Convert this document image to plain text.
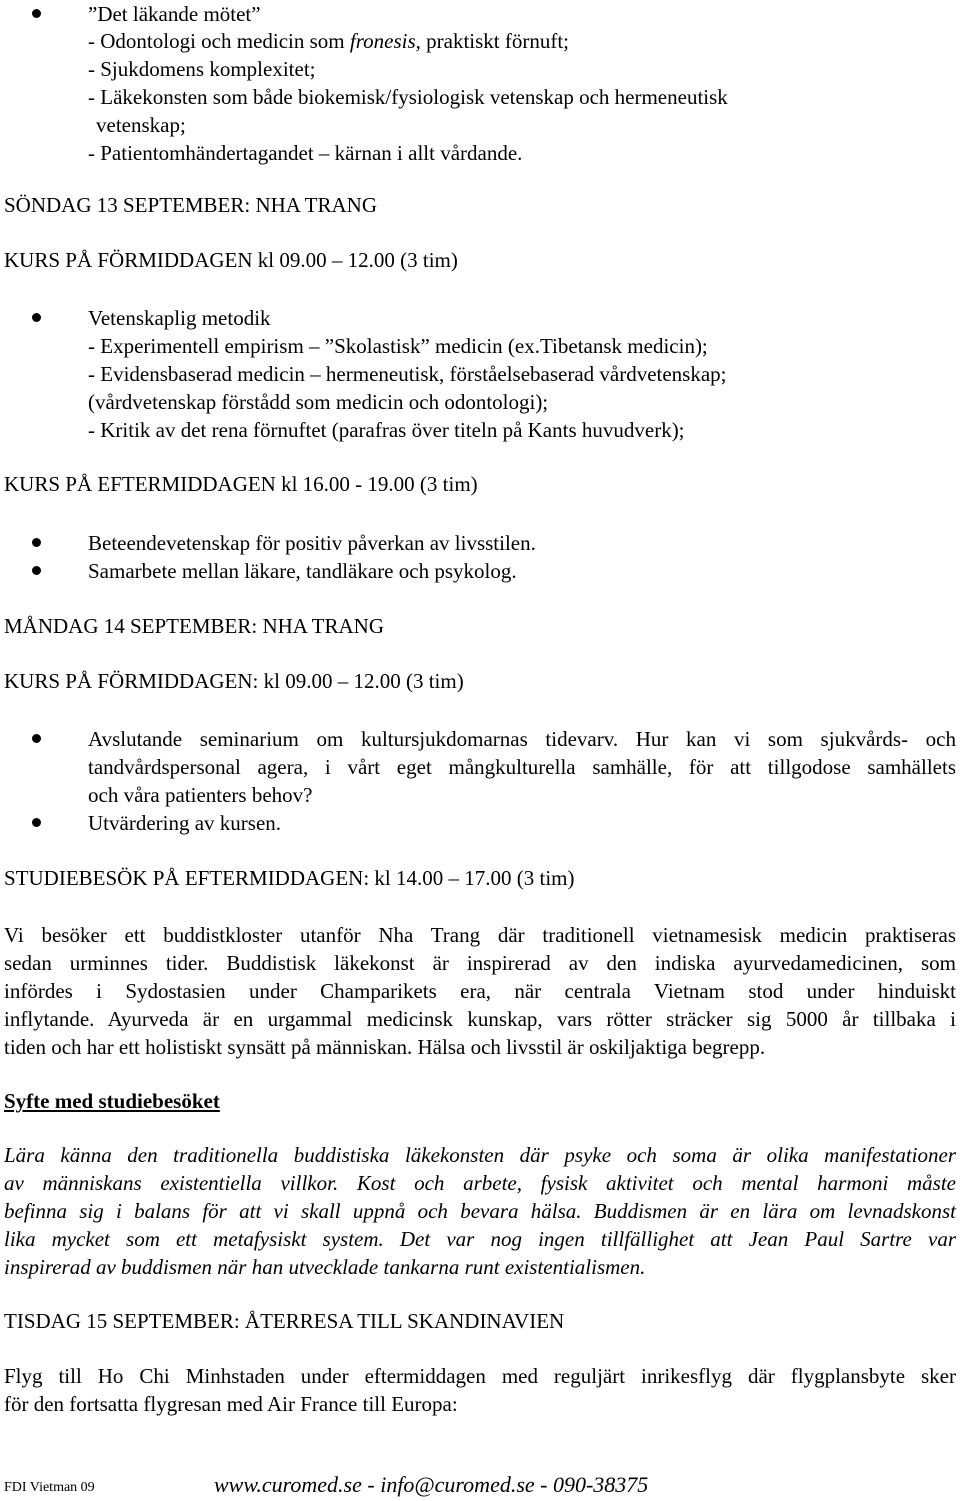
”Det läkande mötet”

- Odontologi och medicin som fronesis, praktiskt förnuft;

- Sjukdomens komplexitet;

- Läkekonsten som både biokemisk/fysiologisk vetenskap och hermeneutisk

vetenskap;

- Patientomhändertagandet – kärnan i allt vårdande.

SÖNDAG 13 SEPTEMBER: NHA TRANG

KURS PÅ FÖRMIDDAGEN kl 09.00 – 12.00 (3 tim)

Vetenskaplig metodik

- Experimentell empirism – ”Skolastisk” medicin (ex.Tibetansk medicin);

- Evidensbaserad medicin – hermeneutisk, förståelsebaserad vårdvetenskap;

(vårdvetenskap förstådd som medicin och odontologi);

- Kritik av det rena förnuftet (parafras över titeln på Kants huvudverk);

KURS PÅ EFTERMIDDAGEN kl 16.00 - 19.00 (3 tim)

Beteendevetenskap för positiv påverkan av livsstilen.

Samarbete mellan läkare, tandläkare och psykolog.

MÅNDAG 14 SEPTEMBER: NHA TRANG

KURS PÅ FÖRMIDDAGEN: kl 09.00 – 12.00 (3 tim)

Avslutande seminarium om kultursjukdomarnas tidevarv. Hur kan vi som sjukvårds- och

tandvårdspersonal agera, i vårt eget mångkulturella samhälle, för att tillgodose samhällets

och våra patienters behov?

Utvärdering av kursen.

STUDIEBESÖK PÅ EFTERMIDDAGEN: kl 14.00 – 17.00 (3 tim)

Vi besöker ett buddistkloster utanför Nha Trang där traditionell vietnamesisk medicin praktiseras

sedan urminnes tider. Buddistisk läkekonst är inspirerad av den indiska ayurvedamedicinen, som

infördes i Sydostasien under Champarikets era, när centrala Vietnam stod under hinduiskt

inflytande. Ayurveda är en urgammal medicinsk kunskap, vars rötter sträcker sig 5000 år tillbaka i

tiden och har ett holistiskt synsätt på människan. Hälsa och livsstil är oskiljaktiga begrepp.

Syfte med studiebesöket

Lära känna den traditionella buddistiska läkekonsten där psyke och soma är olika manifestationer

av människans existentiella villkor. Kost och arbete, fysisk aktivitet och mental harmoni måste

befinna sig i balans för att vi skall uppnå och bevara hälsa. Buddismen är en lära om levnadskonst

lika mycket som ett metafysiskt system. Det var nog ingen tillfällighet att Jean Paul Sartre var

inspirerad av buddismen när han utvecklade tankarna runt existentialismen.

TISDAG 15 SEPTEMBER: ÅTERRESA TILL SKANDINAVIEN

Flyg till Ho Chi Minhstaden under eftermiddagen med reguljärt inrikesflyg där flygplansbyte sker

för den fortsatta flygresan med Air France till Europa:

FDI Vietman 09	www.curomed.se - info@curomed.se - 090-38375
